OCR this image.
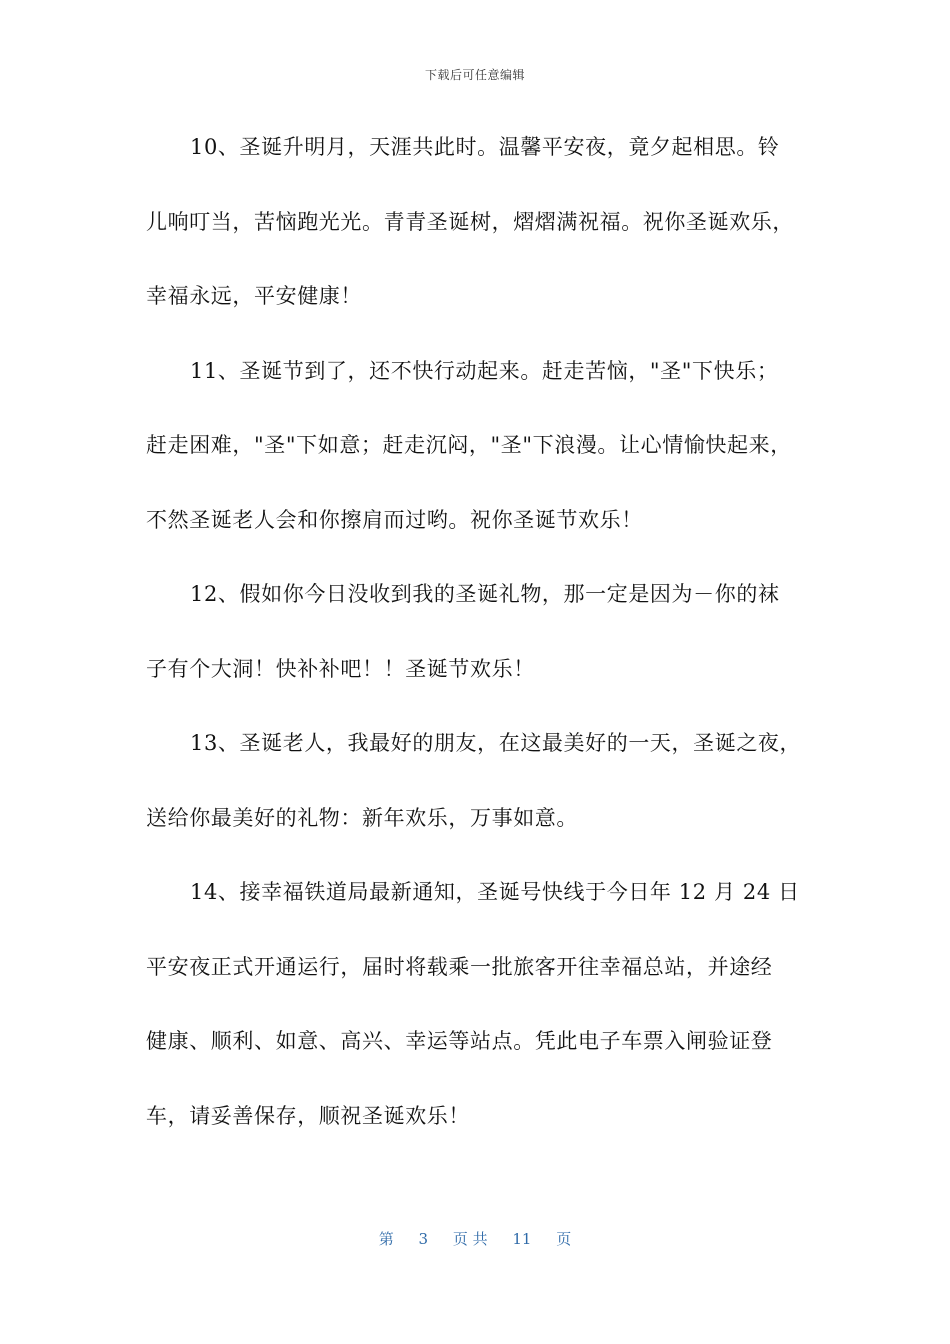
下载后可任意编辑
10、圣诞升明月，天涯共此时。温馨平安夜，竟夕起相思。铃
儿响叮当，苦恼跑光光。青青圣诞树，熠熠满祝福。祝你圣诞欢乐，
幸福永远，平安健康！
11、圣诞节到了，还不快行动起来。赶走苦恼，"圣"下快乐；
赶走困难，"圣"下如意；赶走沉闷，"圣"下浪漫。让心情愉快起来，
不然圣诞老人会和你擦肩而过哟。祝你圣诞节欢乐！
12、假如你今日没收到我的圣诞礼物，那一定是因为－你的袜
子有个大洞！快补补吧！！圣诞节欢乐！
13、圣诞老人，我最好的朋友，在这最美好的一天，圣诞之夜，
送给你最美好的礼物：新年欢乐，万事如意。
14、接幸福铁道局最新通知，圣诞号快线于今日年 12 月 24 日
平安夜正式开通运行，届时将载乘一批旅客开往幸福总站，并途经
健康、顺利、如意、高兴、幸运等站点。凭此电子车票入闸验证登
车，请妥善保存，顺祝圣诞欢乐！
第 3 页 共 11 页
